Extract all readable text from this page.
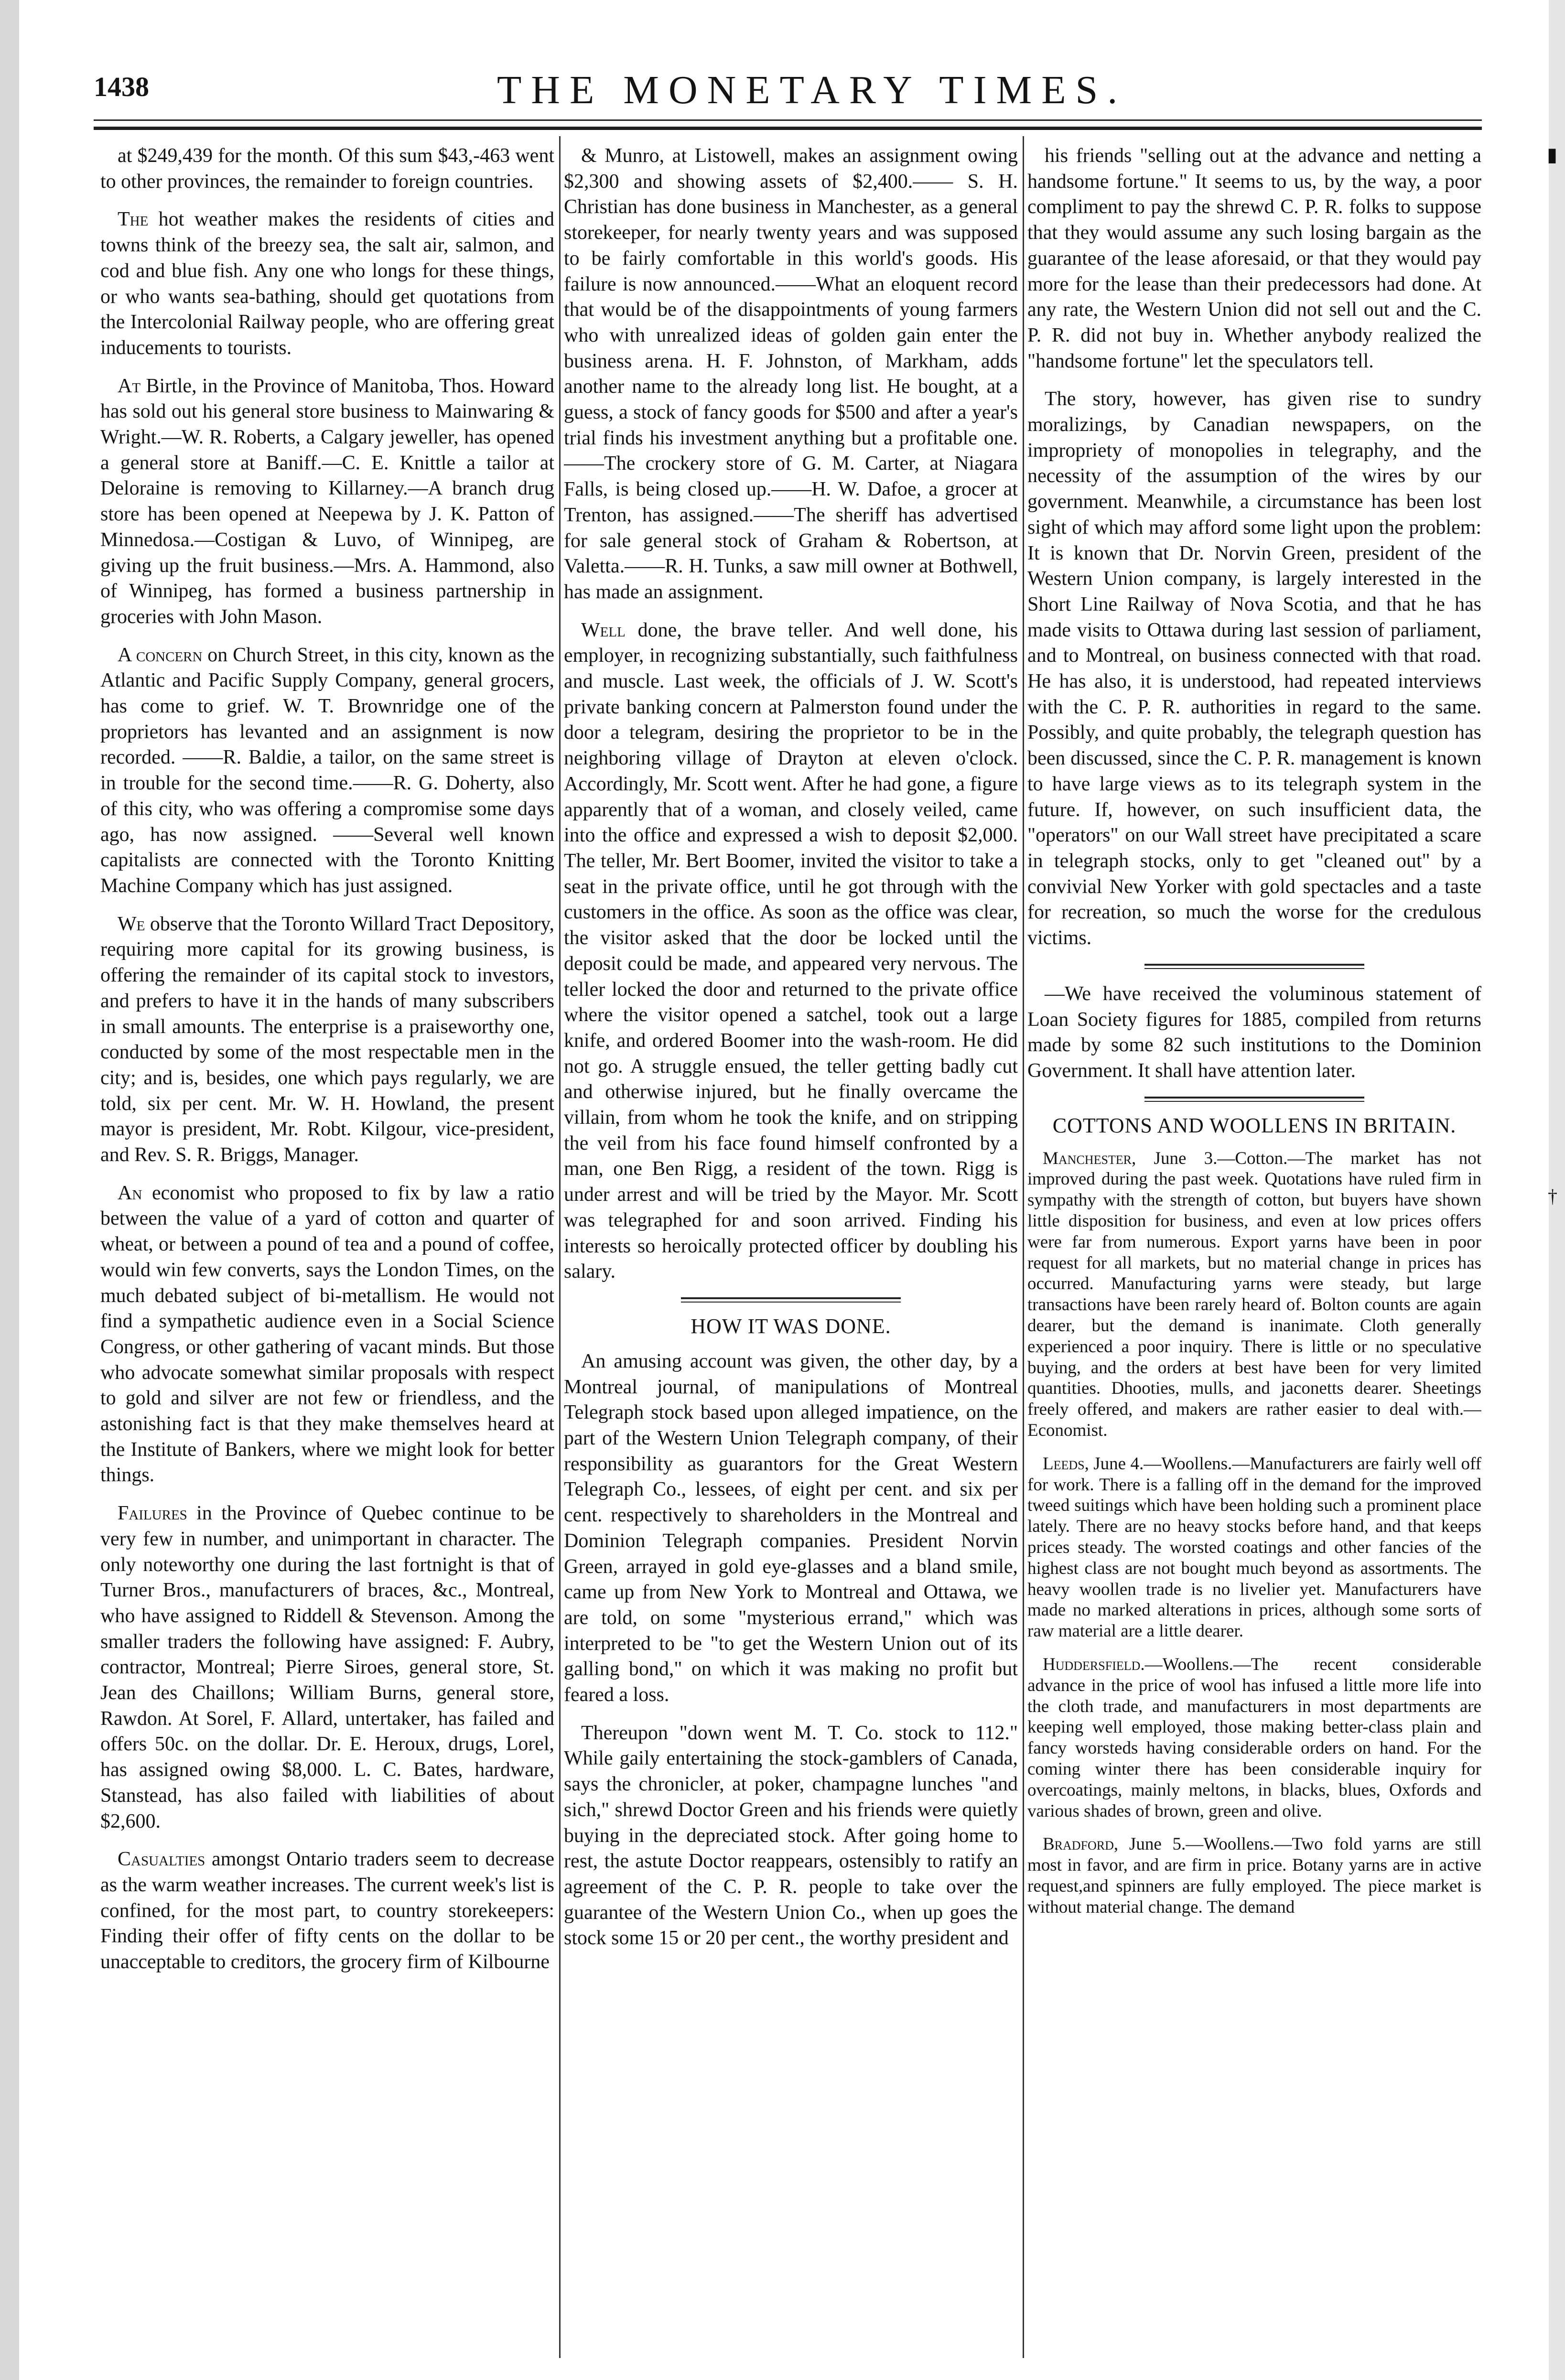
▮
†
1438	THE MONETARY TIMES.

at $249,439 for the month. Of this sum $43,-463 went to other provinces, the remainder to foreign countries.

The hot weather makes the residents of cities and towns think of the breezy sea, the salt air, salmon, and cod and blue fish. Any one who longs for these things, or who wants sea-bathing, should get quotations from the Intercolonial Railway people, who are offering great inducements to tourists.

At Birtle, in the Province of Manitoba, Thos. Howard has sold out his general store business to Mainwaring & Wright.—W. R. Roberts, a Calgary jeweller, has opened a general store at Baniff.—C. E. Knittle a tailor at Deloraine is removing to Killarney.—A branch drug store has been opened at Neepewa by J. K. Patton of Minnedosa.—Costigan & Luvo, of Winnipeg, are giving up the fruit business.—Mrs. A. Hammond, also of Winnipeg, has formed a business partnership in groceries with John Mason.

A concern on Church Street, in this city, known as the Atlantic and Pacific Supply Company, general grocers, has come to grief. W. T. Brownridge one of the proprietors has levanted and an assignment is now recorded. ——R. Baldie, a tailor, on the same street is in trouble for the second time.——R. G. Doherty, also of this city, who was offering a compromise some days ago, has now assigned. ——Several well known capitalists are connected with the Toronto Knitting Machine Company which has just assigned.

We observe that the Toronto Willard Tract Depository, requiring more capital for its growing business, is offering the remainder of its capital stock to investors, and prefers to have it in the hands of many subscribers in small amounts. The enterprise is a praiseworthy one, conducted by some of the most respectable men in the city; and is, besides, one which pays regularly, we are told, six per cent. Mr. W. H. Howland, the present mayor is president, Mr. Robt. Kilgour, vice-president, and Rev. S. R. Briggs, Manager.

An economist who proposed to fix by law a ratio between the value of a yard of cotton and quarter of wheat, or between a pound of tea and a pound of coffee, would win few converts, says the London Times, on the much debated subject of bi-metallism. He would not find a sympathetic audience even in a Social Science Congress, or other gathering of vacant minds. But those who advocate somewhat similar proposals with respect to gold and silver are not few or friendless, and the astonishing fact is that they make themselves heard at the Institute of Bankers, where we might look for better things.

Failures in the Province of Quebec continue to be very few in number, and unimportant in character. The only noteworthy one during the last fortnight is that of Turner Bros., manufacturers of braces, &c., Montreal, who have assigned to Riddell & Stevenson. Among the smaller traders the following have assigned: F. Aubry, contractor, Montreal; Pierre Siroes, general store, St. Jean des Chaillons; William Burns, general store, Rawdon. At Sorel, F. Allard, untertaker, has failed and offers 50c. on the dollar. Dr. E. Heroux, drugs, Lorel, has assigned owing $8,000. L. C. Bates, hardware, Stanstead, has also failed with liabilities of about $2,600.

Casualties amongst Ontario traders seem to decrease as the warm weather increases. The current week's list is confined, for the most part, to country storekeepers: Finding their offer of fifty cents on the dollar to be unacceptable to creditors, the grocery firm of Kilbourne

& Munro, at Listowell, makes an assignment owing $2,300 and showing assets of $2,400.—— S. H. Christian has done business in Manchester, as a general storekeeper, for nearly twenty years and was supposed to be fairly comfortable in this world's goods. His failure is now announced.——What an eloquent record that would be of the disappointments of young farmers who with unrealized ideas of golden gain enter the business arena. H. F. Johnston, of Markham, adds another name to the already long list. He bought, at a guess, a stock of fancy goods for $500 and after a year's trial finds his investment anything but a profitable one.——The crockery store of G. M. Carter, at Niagara Falls, is being closed up.——H. W. Dafoe, a grocer at Trenton, has assigned.——The sheriff has advertised for sale general stock of Graham & Robertson, at Valetta.——R. H. Tunks, a saw mill owner at Bothwell, has made an assignment.

Well done, the brave teller. And well done, his employer, in recognizing substantially, such faithfulness and muscle. Last week, the officials of J. W. Scott's private banking concern at Palmerston found under the door a telegram, desiring the proprietor to be in the neighboring village of Drayton at eleven o'clock. Accordingly, Mr. Scott went. After he had gone, a figure apparently that of a woman, and closely veiled, came into the office and expressed a wish to deposit $2,000. The teller, Mr. Bert Boomer, invited the visitor to take a seat in the private office, until he got through with the customers in the office. As soon as the office was clear, the visitor asked that the door be locked until the deposit could be made, and appeared very nervous. The teller locked the door and returned to the private office where the visitor opened a satchel, took out a large knife, and ordered Boomer into the wash-room. He did not go. A struggle ensued, the teller getting badly cut and otherwise injured, but he finally overcame the villain, from whom he took the knife, and on stripping the veil from his face found himself confronted by a man, one Ben Rigg, a resident of the town. Rigg is under arrest and will be tried by the Mayor. Mr. Scott was telegraphed for and soon arrived. Finding his interests so heroically protected officer by doubling his salary.

HOW IT WAS DONE.

An amusing account was given, the other day, by a Montreal journal, of manipulations of Montreal Telegraph stock based upon alleged impatience, on the part of the Western Union Telegraph company, of their responsibility as guarantors for the Great Western Telegraph Co., lessees, of eight per cent. and six per cent. respectively to shareholders in the Montreal and Dominion Telegraph companies. President Norvin Green, arrayed in gold eye-glasses and a bland smile, came up from New York to Montreal and Ottawa, we are told, on some "mysterious errand," which was interpreted to be "to get the Western Union out of its galling bond," on which it was making no profit but feared a loss.

Thereupon "down went M. T. Co. stock to 112." While gaily entertaining the stock-gamblers of Canada, says the chronicler, at poker, champagne lunches "and sich," shrewd Doctor Green and his friends were quietly buying in the depreciated stock. After going home to rest, the astute Doctor reappears, ostensibly to ratify an agreement of the C. P. R. people to take over the guarantee of the Western Union Co., when up goes the stock some 15 or 20 per cent., the worthy president and

his friends "selling out at the advance and netting a handsome fortune." It seems to us, by the way, a poor compliment to pay the shrewd C. P. R. folks to suppose that they would assume any such losing bargain as the guarantee of the lease aforesaid, or that they would pay more for the lease than their predecessors had done. At any rate, the Western Union did not sell out and the C. P. R. did not buy in. Whether anybody realized the "handsome fortune" let the speculators tell.

The story, however, has given rise to sundry moralizings, by Canadian newspapers, on the impropriety of monopolies in telegraphy, and the necessity of the assumption of the wires by our government. Meanwhile, a circumstance has been lost sight of which may afford some light upon the problem: It is known that Dr. Norvin Green, president of the Western Union company, is largely interested in the Short Line Railway of Nova Scotia, and that he has made visits to Ottawa during last session of parliament, and to Montreal, on business connected with that road. He has also, it is understood, had repeated interviews with the C. P. R. authorities in regard to the same. Possibly, and quite probably, the telegraph question has been discussed, since the C. P. R. management is known to have large views as to its telegraph system in the future. If, however, on such insufficient data, the "operators" on our Wall street have precipitated a scare in telegraph stocks, only to get "cleaned out" by a convivial New Yorker with gold spectacles and a taste for recreation, so much the worse for the credulous victims.

—We have received the voluminous statement of Loan Society figures for 1885, compiled from returns made by some 82 such institutions to the Dominion Government. It shall have attention later.

COTTONS AND WOOLLENS IN BRITAIN.

Manchester, June 3.—Cotton.—The market has not improved during the past week. Quotations have ruled firm in sympathy with the strength of cotton, but buyers have shown little disposition for business, and even at low prices offers were far from numerous. Export yarns have been in poor request for all markets, but no material change in prices has occurred. Manufacturing yarns were steady, but large transactions have been rarely heard of. Bolton counts are again dearer, but the demand is inanimate. Cloth generally experienced a poor inquiry. There is little or no speculative buying, and the orders at best have been for very limited quantities. Dhooties, mulls, and jaconetts dearer. Sheetings freely offered, and makers are rather easier to deal with.—Economist.

Leeds, June 4.—Woollens.—Manufacturers are fairly well off for work. There is a falling off in the demand for the improved tweed suitings which have been holding such a prominent place lately. There are no heavy stocks before hand, and that keeps prices steady. The worsted coatings and other fancies of the highest class are not bought much beyond as assortments. The heavy woollen trade is no livelier yet. Manufacturers have made no marked alterations in prices, although some sorts of raw material are a little dearer.

Huddersfield.—Woollens.—The recent considerable advance in the price of wool has infused a little more life into the cloth trade, and manufacturers in most departments are keeping well employed, those making better-class plain and fancy worsteds having considerable orders on hand. For the coming winter there has been considerable inquiry for overcoatings, mainly meltons, in blacks, blues, Oxfords and various shades of brown, green and olive.

Bradford, June 5.—Woollens.—Two fold yarns are still most in favor, and are firm in price. Botany yarns are in active request,and spinners are fully employed. The piece market is without material change. The demand
